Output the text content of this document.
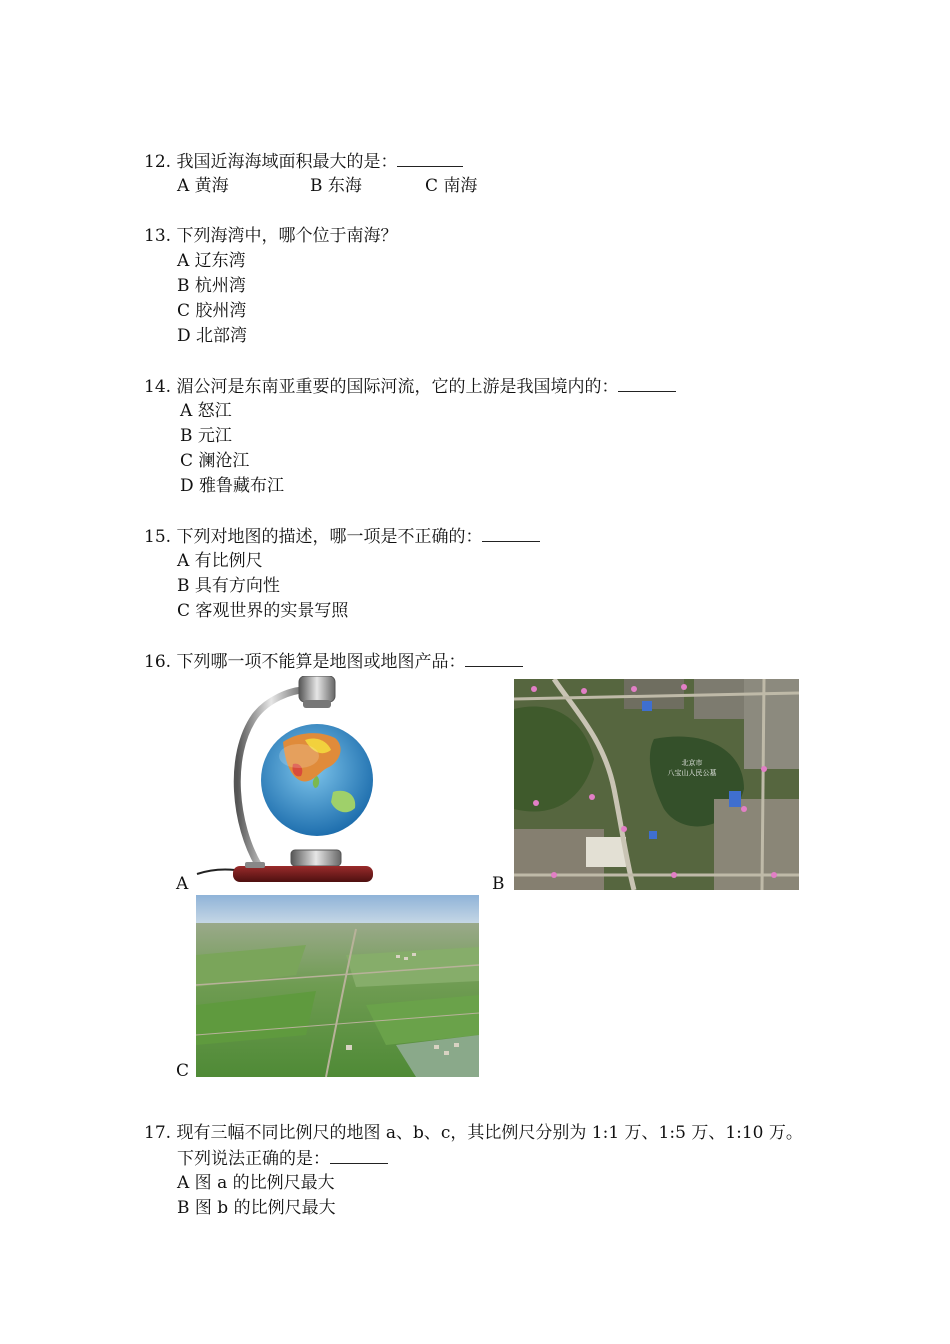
12. 我国近海海域面积最大的是：
A 黄海	B 东海	C 南海
13. 下列海湾中，哪个位于南海？
A 辽东湾
B 杭州湾
C 胶州湾
D 北部湾
14. 湄公河是东南亚重要的国际河流，它的上游是我国境内的：
A 怒江
B 元江
C 澜沧江
D 雅鲁藏布江
15. 下列对地图的描述，哪一项是不正确的：
A 有比例尺
B 具有方向性
C 客观世界的实景写照
16. 下列哪一项不能算是地图或地图产品：
A	B
北京市
八宝山人民公墓
C
17. 现有三幅不同比例尺的地图 a、b、c，其比例尺分别为 1:1 万、1:5 万、1:10 万。
下列说法正确的是：
A 图 a 的比例尺最大
B 图 b 的比例尺最大
